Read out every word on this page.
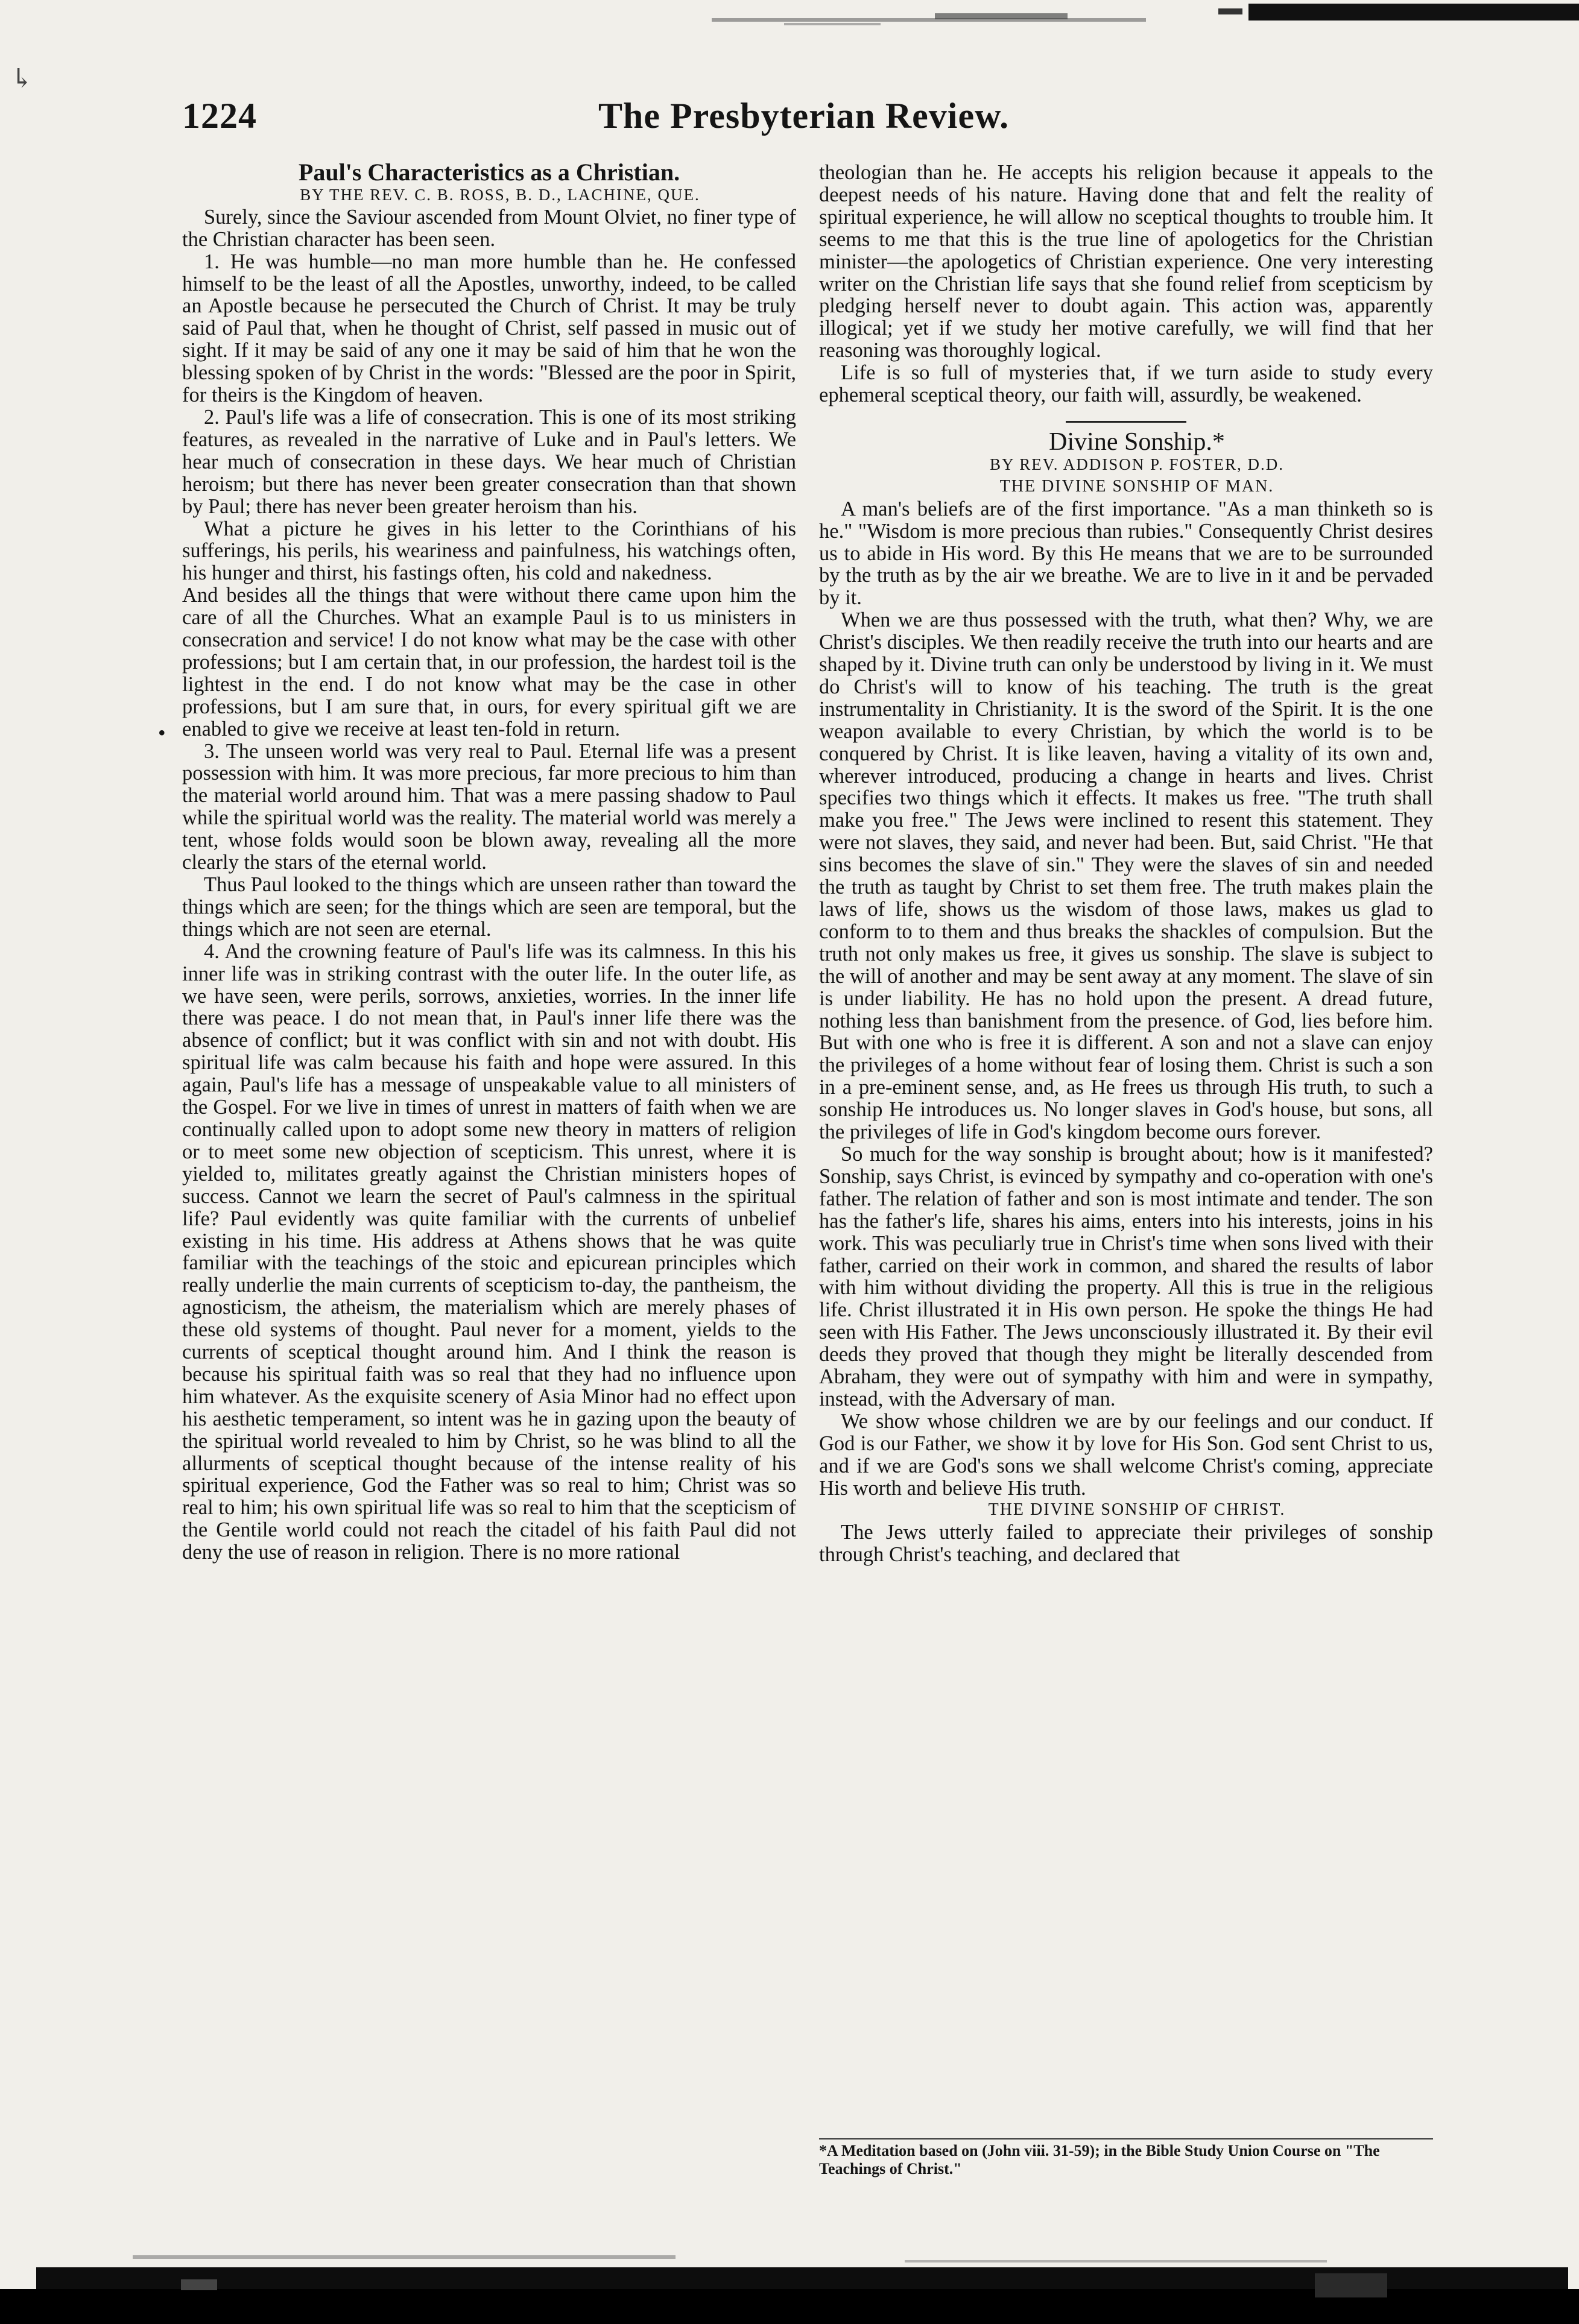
↳
1224	The Presbyterian Review.
•

Paul's Characteristics as a Christian.

BY THE REV. C. B. ROSS, B. D., LACHINE, QUE.

Surely, since the Saviour ascended from Mount Olviet, no finer type of the Christian character has been seen.

1. He was humble—no man more humble than he. He confessed himself to be the least of all the Apostles, unworthy, indeed, to be called an Apostle because he persecuted the Church of Christ. It may be truly said of Paul that, when he thought of Christ, self passed in music out of sight. If it may be said of any one it may be said of him that he won the blessing spoken of by Christ in the words: "Blessed are the poor in Spirit, for theirs is the Kingdom of heaven.

2. Paul's life was a life of consecration. This is one of its most striking features, as revealed in the narrative of Luke and in Paul's letters. We hear much of consecration in these days. We hear much of Christian heroism; but there has never been greater consecration than that shown by Paul; there has never been greater heroism than his.

What a picture he gives in his letter to the Corinthians of his sufferings, his perils, his weariness and painfulness, his watchings often, his hunger and thirst, his fastings often, his cold and nakedness.

And besides all the things that were without there came upon him the care of all the Churches. What an example Paul is to us ministers in consecration and service! I do not know what may be the case with other professions; but I am certain that, in our profession, the hardest toil is the lightest in the end. I do not know what may be the case in other professions, but I am sure that, in ours, for every spiritual gift we are enabled to give we receive at least ten-fold in return.

3. The unseen world was very real to Paul. Eternal life was a present possession with him. It was more precious, far more precious to him than the material world around him. That was a mere passing shadow to Paul while the spiritual world was the reality. The material world was merely a tent, whose folds would soon be blown away, revealing all the more clearly the stars of the eternal world.

Thus Paul looked to the things which are unseen rather than toward the things which are seen; for the things which are seen are temporal, but the things which are not seen are eternal.

4. And the crowning feature of Paul's life was its calmness. In this his inner life was in striking contrast with the outer life. In the outer life, as we have seen, were perils, sorrows, anxieties, worries. In the inner life there was peace. I do not mean that, in Paul's inner life there was the absence of conflict; but it was conflict with sin and not with doubt. His spiritual life was calm because his faith and hope were assured. In this again, Paul's life has a message of unspeakable value to all ministers of the Gospel. For we live in times of unrest in matters of faith when we are continually called upon to adopt some new theory in matters of religion or to meet some new objection of scepticism. This unrest, where it is yielded to, militates greatly against the Christian ministers hopes of success. Cannot we learn the secret of Paul's calmness in the spiritual life? Paul evidently was quite familiar with the currents of unbelief existing in his time. His address at Athens shows that he was quite familiar with the teachings of the stoic and epicurean principles which really underlie the main currents of scepticism to-day, the pantheism, the agnosticism, the atheism, the materialism which are merely phases of these old systems of thought. Paul never for a moment, yields to the currents of sceptical thought around him. And I think the reason is because his spiritual faith was so real that they had no influence upon him whatever. As the exquisite scenery of Asia Minor had no effect upon his aesthetic temperament, so intent was he in gazing upon the beauty of the spiritual world revealed to him by Christ, so he was blind to all the allurments of sceptical thought because of the intense reality of his spiritual experience, God the Father was so real to him; Christ was so real to him; his own spiritual life was so real to him that the scepticism of the Gentile world could not reach the citadel of his faith Paul did not deny the use of reason in religion. There is no more rational

theologian than he. He accepts his religion because it appeals to the deepest needs of his nature. Having done that and felt the reality of spiritual experience, he will allow no sceptical thoughts to trouble him. It seems to me that this is the true line of apologetics for the Christian minister—the apologetics of Christian experience. One very interesting writer on the Christian life says that she found relief from scepticism by pledging herself never to doubt again. This action was, apparently illogical; yet if we study her motive carefully, we will find that her reasoning was thoroughly logical.

Life is so full of mysteries that, if we turn aside to study every ephemeral sceptical theory, our faith will, assurdly, be weakened.

Divine Sonship.*

BY REV. ADDISON P. FOSTER, D.D.

THE DIVINE SONSHIP OF MAN.

A man's beliefs are of the first importance. "As a man thinketh so is he." "Wisdom is more precious than rubies." Consequently Christ desires us to abide in His word. By this He means that we are to be surrounded by the truth as by the air we breathe. We are to live in it and be pervaded by it.

When we are thus possessed with the truth, what then? Why, we are Christ's disciples. We then readily receive the truth into our hearts and are shaped by it. Divine truth can only be understood by living in it. We must do Christ's will to know of his teaching. The truth is the great instrumentality in Christianity. It is the sword of the Spirit. It is the one weapon available to every Christian, by which the world is to be conquered by Christ. It is like leaven, having a vitality of its own and, wherever introduced, producing a change in hearts and lives. Christ specifies two things which it effects. It makes us free. "The truth shall make you free." The Jews were inclined to resent this statement. They were not slaves, they said, and never had been. But, said Christ. "He that sins becomes the slave of sin." They were the slaves of sin and needed the truth as taught by Christ to set them free. The truth makes plain the laws of life, shows us the wisdom of those laws, makes us glad to conform to to them and thus breaks the shackles of compulsion. But the truth not only makes us free, it gives us sonship. The slave is subject to the will of another and may be sent away at any moment. The slave of sin is under liability. He has no hold upon the present. A dread future, nothing less than banishment from the presence. of God, lies before him. But with one who is free it is different. A son and not a slave can enjoy the privileges of a home without fear of losing them. Christ is such a son in a pre-eminent sense, and, as He frees us through His truth, to such a sonship He introduces us. No longer slaves in God's house, but sons, all the privileges of life in God's kingdom become ours forever.

So much for the way sonship is brought about; how is it manifested? Sonship, says Christ, is evinced by sympathy and co-operation with one's father. The relation of father and son is most intimate and tender. The son has the father's life, shares his aims, enters into his interests, joins in his work. This was peculiarly true in Christ's time when sons lived with their father, carried on their work in common, and shared the results of labor with him without dividing the property. All this is true in the religious life. Christ illustrated it in His own person. He spoke the things He had seen with His Father. The Jews unconsciously illustrated it. By their evil deeds they proved that though they might be literally descended from Abraham, they were out of sympathy with him and were in sympathy, instead, with the Adversary of man.

We show whose children we are by our feelings and our conduct. If God is our Father, we show it by love for His Son. God sent Christ to us, and if we are God's sons we shall welcome Christ's coming, appreciate His worth and believe His truth.

THE DIVINE SONSHIP OF CHRIST.

The Jews utterly failed to appreciate their privileges of sonship through Christ's teaching, and declared that

*A Meditation based on (John viii. 31-59); in the Bible Study Union Course on "The Teachings of Christ."
